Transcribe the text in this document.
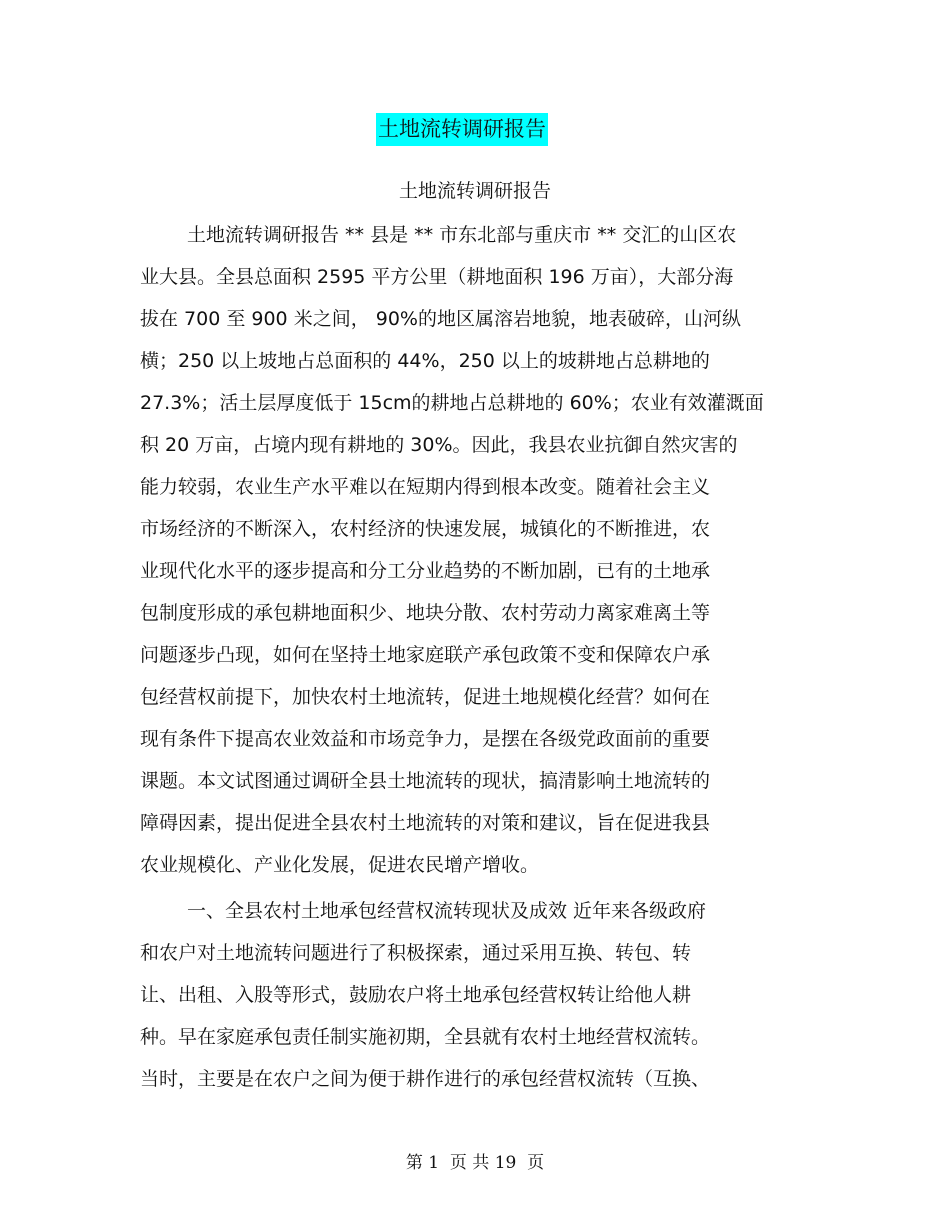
土地流转调研报告
土地流转调研报告
土地流转调研报告 ** 县是 ** 市东北部与重庆市 ** 交汇的山区农
业大县。全县总面积 2595 平方公里（耕地面积 196 万亩），大部分海
拔在 700 至 900 米之间， 90%的地区属溶岩地貌，地表破碎，山河纵
横；250 以上坡地占总面积的 44%，250 以上的坡耕地占总耕地的
27.3%；活土层厚度低于 15cm的耕地占总耕地的 60%；农业有效灌溉面
积 20 万亩，占境内现有耕地的 30%。因此，我县农业抗御自然灾害的
能力较弱，农业生产水平难以在短期内得到根本改变。随着社会主义
市场经济的不断深入，农村经济的快速发展，城镇化的不断推进，农
业现代化水平的逐步提高和分工分业趋势的不断加剧，已有的土地承
包制度形成的承包耕地面积少、地块分散、农村劳动力离家难离土等
问题逐步凸现，如何在坚持土地家庭联产承包政策不变和保障农户承
包经营权前提下，加快农村土地流转，促进土地规模化经营？如何在
现有条件下提高农业效益和市场竞争力，是摆在各级党政面前的重要
课题。本文试图通过调研全县土地流转的现状，搞清影响土地流转的
障碍因素，提出促进全县农村土地流转的对策和建议，旨在促进我县
农业规模化、产业化发展，促进农民增产增收。
一、全县农村土地承包经营权流转现状及成效 近年来各级政府
和农户对土地流转问题进行了积极探索，通过采用互换、转包、转
让、出租、入股等形式，鼓励农户将土地承包经营权转让给他人耕
种。早在家庭承包责任制实施初期，全县就有农村土地经营权流转。
当时，主要是在农户之间为便于耕作进行的承包经营权流转（互换、
第 1  页 共 19  页
